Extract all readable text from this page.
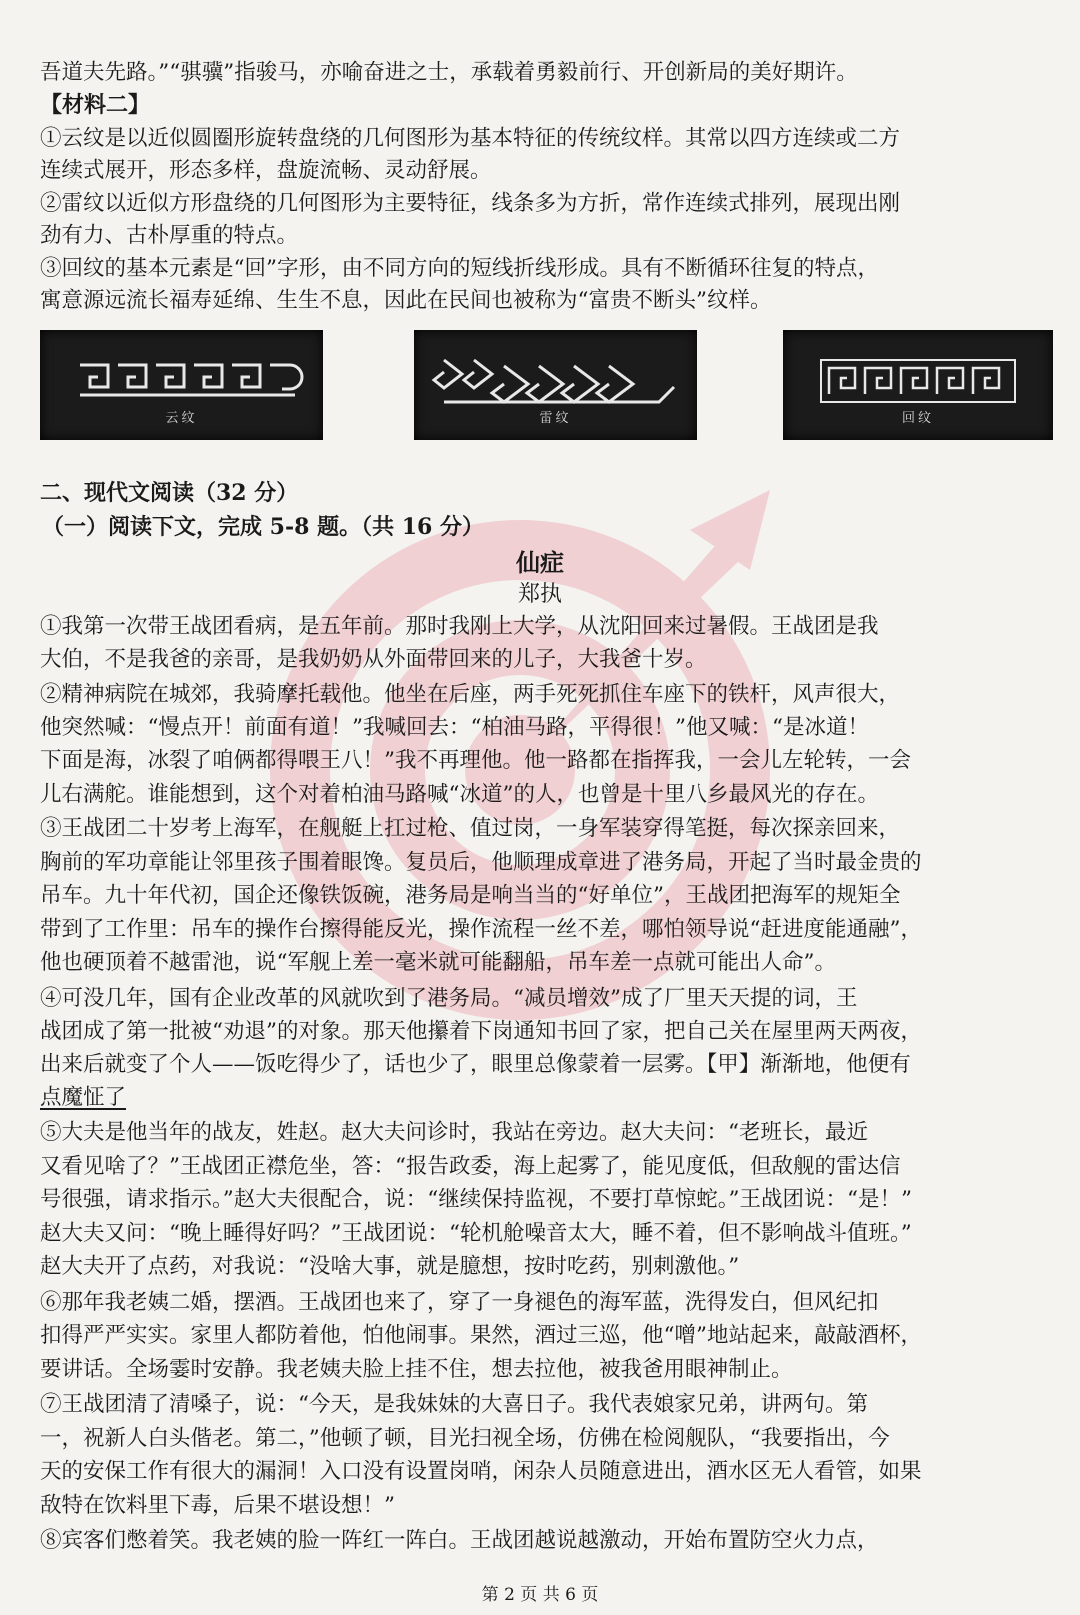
吾道夫先路。”“骐骥”指骏马，亦喻奋进之士，承载着勇毅前行、开创新局的美好期许。
【材料二】
①云纹是以近似圆圈形旋转盘绕的几何图形为基本特征的传统纹样。其常以四方连续或二方
连续式展开，形态多样，盘旋流畅、灵动舒展。
②雷纹以近似方形盘绕的几何图形为主要特征，线条多为方折，常作连续式排列，展现出刚
劲有力、古朴厚重的特点。
③回纹的基本元素是“回”字形，由不同方向的短线折线形成。具有不断循环往复的特点，
寓意源远流长福寿延绵、生生不息，因此在民间也被称为“富贵不断头”纹样。
云纹	雷纹	回纹
二、现代文阅读（32 分）
（一）阅读下文，完成 5-8 题。（共 16 分）
仙症
郑执
①我第一次带王战团看病，是五年前。那时我刚上大学，从沈阳回来过暑假。王战团是我
大伯，不是我爸的亲哥，是我奶奶从外面带回来的儿子，大我爸十岁。
②精神病院在城郊，我骑摩托载他。他坐在后座，两手死死抓住车座下的铁杆，风声很大，
他突然喊：“慢点开！前面有道！”我喊回去：“柏油马路，平得很！”他又喊：“是冰道！
下面是海，冰裂了咱俩都得喂王八！”我不再理他。他一路都在指挥我，一会儿左轮转，一会
儿右满舵。谁能想到，这个对着柏油马路喊“冰道”的人，也曾是十里八乡最风光的存在。
③王战团二十岁考上海军，在舰艇上扛过枪、值过岗，一身军装穿得笔挺，每次探亲回来，
胸前的军功章能让邻里孩子围着眼馋。复员后，他顺理成章进了港务局，开起了当时最金贵的
吊车。九十年代初，国企还像铁饭碗，港务局是响当当的“好单位”，王战团把海军的规矩全
带到了工作里：吊车的操作台擦得能反光，操作流程一丝不差，哪怕领导说“赶进度能通融”，
他也硬顶着不越雷池，说“军舰上差一毫米就可能翻船，吊车差一点就可能出人命”。
④可没几年，国有企业改革的风就吹到了港务局。“减员增效”成了厂里天天提的词，王
战团成了第一批被“劝退”的对象。那天他攥着下岗通知书回了家，把自己关在屋里两天两夜，
出来后就变了个人——饭吃得少了，话也少了，眼里总像蒙着一层雾。【甲】渐渐地，他便有
点魔怔了
⑤大夫是他当年的战友，姓赵。赵大夫问诊时，我站在旁边。赵大夫问：“老班长，最近
又看见啥了？”王战团正襟危坐，答：“报告政委，海上起雾了，能见度低，但敌舰的雷达信
号很强，请求指示。”赵大夫很配合，说：“继续保持监视，不要打草惊蛇。”王战团说：“是！”
赵大夫又问：“晚上睡得好吗？”王战团说：“轮机舱噪音太大，睡不着，但不影响战斗值班。”
赵大夫开了点药，对我说：“没啥大事，就是臆想，按时吃药，别刺激他。”
⑥那年我老姨二婚，摆酒。王战团也来了，穿了一身褪色的海军蓝，洗得发白，但风纪扣
扣得严严实实。家里人都防着他，怕他闹事。果然，酒过三巡，他“噌”地站起来，敲敲酒杯，
要讲话。全场霎时安静。我老姨夫脸上挂不住，想去拉他，被我爸用眼神制止。
⑦王战团清了清嗓子，说：“今天，是我妹妹的大喜日子。我代表娘家兄弟，讲两句。第
一，祝新人白头偕老。第二，”他顿了顿，目光扫视全场，仿佛在检阅舰队，“我要指出，今
天的安保工作有很大的漏洞！入口没有设置岗哨，闲杂人员随意进出，酒水区无人看管，如果
敌特在饮料里下毒，后果不堪设想！”
⑧宾客们憋着笑。我老姨的脸一阵红一阵白。王战团越说越激动，开始布置防空火力点，
第 2 页 共 6 页
